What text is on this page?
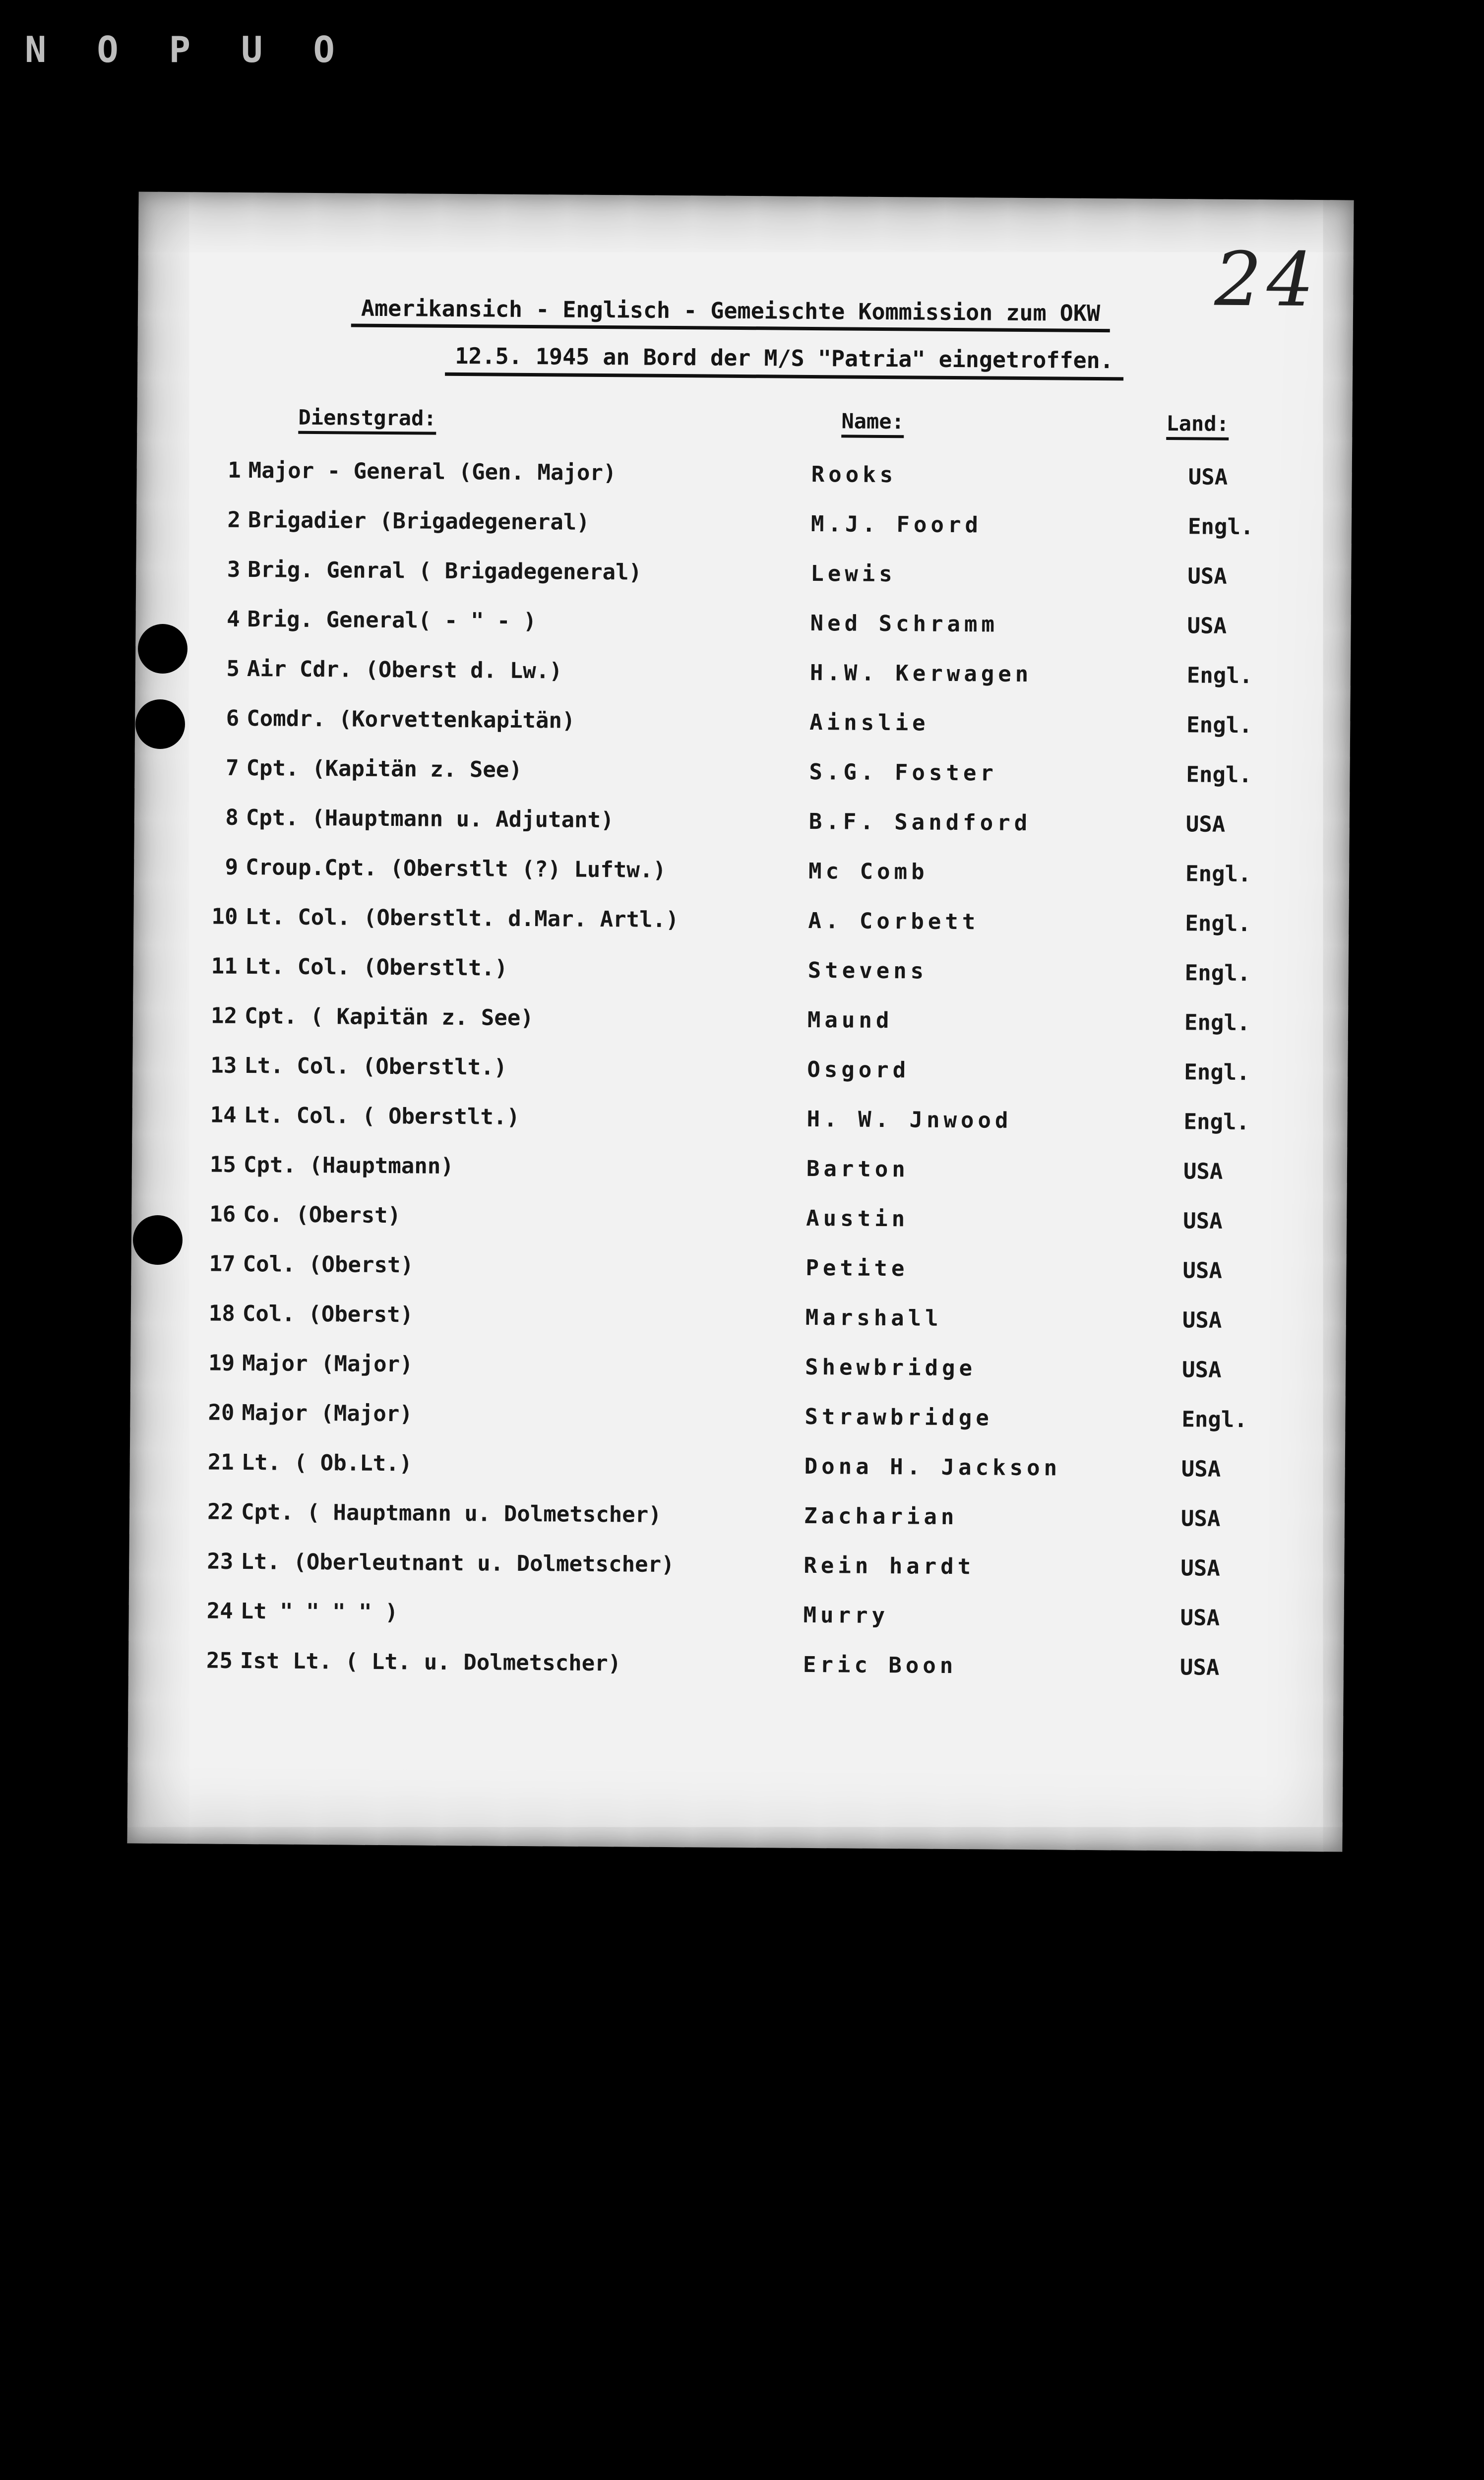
N O P U O
24
Amerikansich - Englisch - Gemeischte Kommission zum OKW
12.5. 1945 an Bord der M/S "Patria" eingetroffen.
Dienstgrad:	Name:	Land:
1 Major - General (Gen. Major)	Rooks	USA
2 Brigadier (Brigadegeneral)	M.J. Foord	Engl.
3 Brig. Genral ( Brigadegeneral)	Lewis	USA
4 Brig. General( - " - )	Ned Schramm	USA
5 Air Cdr. (Oberst d. Lw.)	H.W. Kerwagen	Engl.
6 Comdr. (Korvettenkapitän)	Ainslie	Engl.
7 Cpt. (Kapitän z. See)	S.G. Foster	Engl.
8 Cpt. (Hauptmann u. Adjutant)	B.F. Sandford	USA
9 Croup.Cpt. (Oberstlt (?) Luftw.)	Mc Comb	Engl.
10 Lt. Col. (Oberstlt. d.Mar. Artl.)	A. Corbett	Engl.
11 Lt. Col. (Oberstlt.)	Stevens	Engl.
12 Cpt. ( Kapitän z. See)	Maund	Engl.
13 Lt. Col. (Oberstlt.)	Osgord	Engl.
14 Lt. Col. ( Oberstlt.)	H. W. Jnwood	Engl.
15 Cpt. (Hauptmann)	Barton	USA
16 Co. (Oberst)	Austin	USA
17 Col. (Oberst)	Petite	USA
18 Col. (Oberst)	Marshall	USA
19 Major (Major)	Shewbridge	USA
20 Major (Major)	Strawbridge	Engl.
21 Lt. ( Ob.Lt.)	Dona H. Jackson	USA
22 Cpt. ( Hauptmann u. Dolmetscher)	Zacharian	USA
23 Lt. (Oberleutnant u. Dolmetscher)	Rein hardt	USA
24 Lt " " " " )	Murry	USA
25 Ist Lt. ( Lt. u. Dolmetscher)	Eric Boon	USA
